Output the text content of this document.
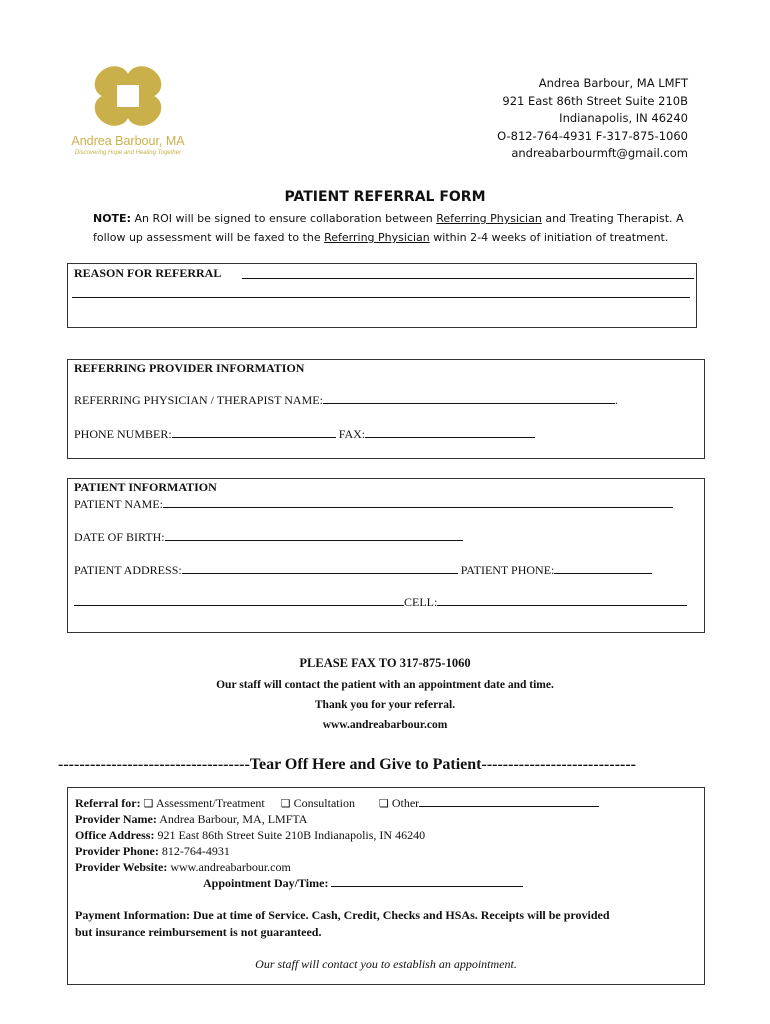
Andrea Barbour, MA
Discovering Hope and Healing Together
Andrea Barbour, MA LMFT
921 East 86th Street Suite 210B
Indianapolis, IN 46240
O-812-764-4931 F-317-875-1060
andreabarbourmft@gmail.com
PATIENT REFERRAL FORM
NOTE: An ROI will be signed to ensure collaboration between Referring Physician and Treating Therapist. A follow up assessment will be faxed to the Referring Physician within 2-4 weeks of initiation of treatment.
REASON FOR REFERRAL
REFERRING PROVIDER INFORMATION
REFERRING PHYSICIAN / THERAPIST NAME:	.
PHONE NUMBER:	FAX:
PATIENT INFORMATION
PATIENT NAME:
DATE OF BIRTH:
PATIENT ADDRESS:	PATIENT PHONE:
CELL:
PLEASE FAX TO 317-875-1060
Our staff will contact the patient with an appointment date and time.
Thank you for your referral.
www.andreabarbour.com
------------------------------------Tear Off Here and Give to Patient-----------------------------
Referral for: ❏ Assessment/Treatment ❏ Consultation ❏ Other
Provider Name: Andrea Barbour, MA, LMFTA
Office Address: 921 East 86th Street Suite 210B Indianapolis, IN 46240
Provider Phone: 812-764-4931
Provider Website: www.andreabarbour.com
Appointment Day/Time:
Payment Information: Due at time of Service. Cash, Credit, Checks and HSAs. Receipts will be provided
but insurance reimbursement is not guaranteed.
Our staff will contact you to establish an appointment.
